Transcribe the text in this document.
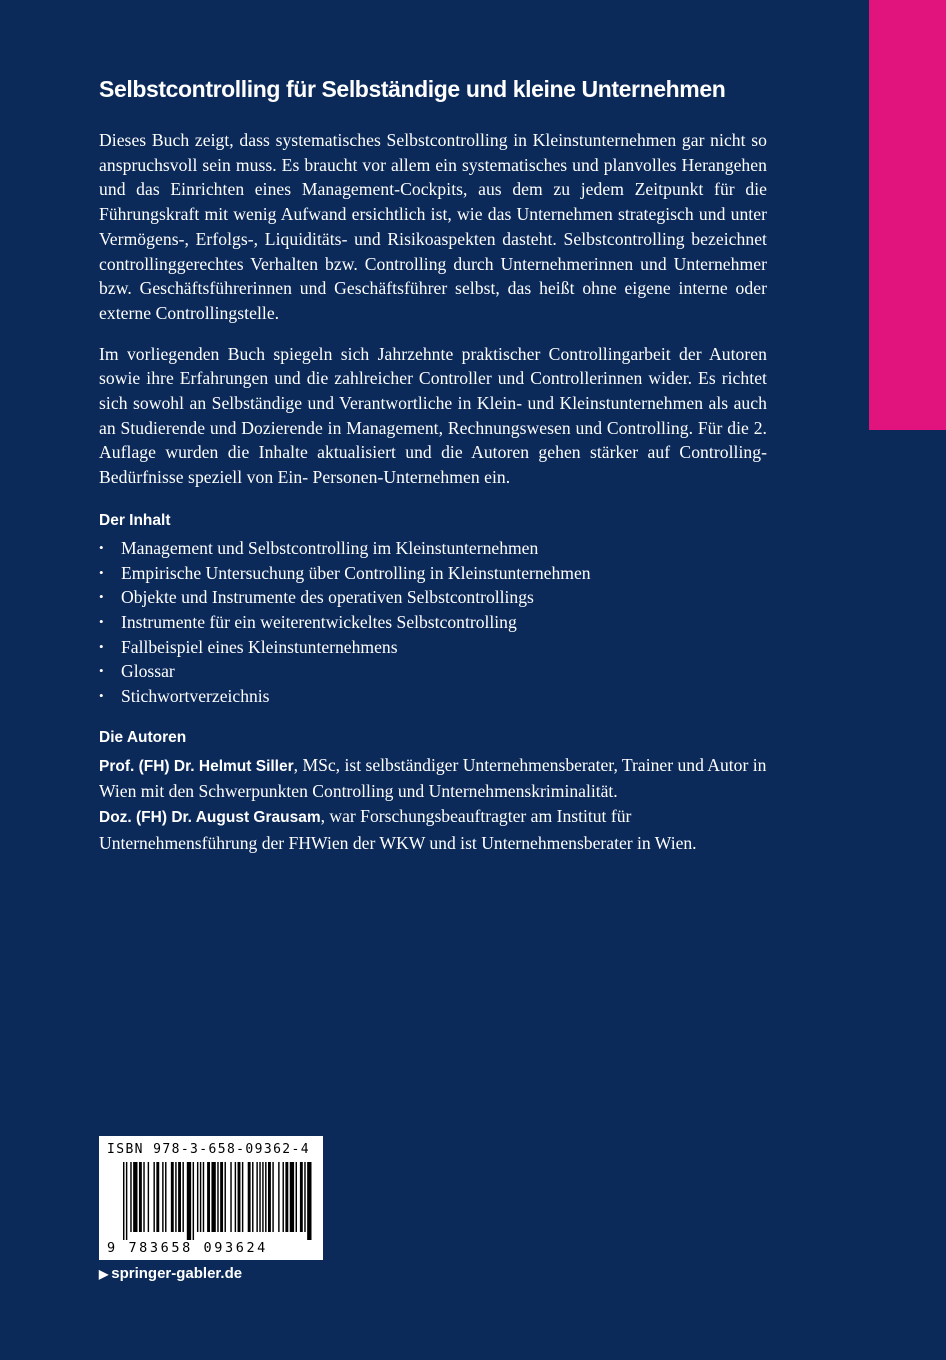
Selbstcontrolling für Selbständige und kleine Unternehmen

Dieses Buch zeigt, dass systematisches Selbstcontrolling in Kleinstunternehmen gar nicht so anspruchsvoll sein muss. Es braucht vor allem ein systematisches und planvolles Herangehen und das Einrichten eines Management-Cockpits, aus dem zu jedem Zeitpunkt für die Führungskraft mit wenig Aufwand ersichtlich ist, wie das Unternehmen strategisch und unter Vermögens-, Erfolgs-, Liquiditäts- und Risikoaspekten dasteht. Selbstcontrolling bezeichnet controllinggerechtes Verhalten bzw. Controlling durch Unternehmerinnen und Unternehmer bzw. Geschäftsführerinnen und Geschäftsführer selbst, das heißt ohne eigene interne oder externe Controllingstelle.

Im vorliegenden Buch spiegeln sich Jahrzehnte praktischer Controllingarbeit der Autoren sowie ihre Erfahrungen und die zahlreicher Controller und Controllerinnen wider. Es richtet sich sowohl an Selbständige und Verantwortliche in Klein- und Kleinstunternehmen als auch an Studierende und Dozierende in Management, Rechnungswesen und Controlling. Für die 2. Auflage wurden die Inhalte aktualisiert und die Autoren gehen stärker auf Controlling-Bedürfnisse speziell von Ein- Personen-Unternehmen ein.

Der Inhalt
• Management und Selbstcontrolling im Kleinstunternehmen
• Empirische Untersuchung über Controlling in Kleinstunternehmen
• Objekte und Instrumente des operativen Selbstcontrollings
• Instrumente für ein weiterentwickeltes Selbstcontrolling
• Fallbeispiel eines Kleinstunternehmens
• Glossar
• Stichwortverzeichnis
Die Autoren

Prof. (FH) Dr. Helmut Siller, MSc, ist selbständiger Unternehmensberater, Trainer und Autor in Wien mit den Schwerpunkten Controlling und Unternehmenskriminalität.

Doz. (FH) Dr. August Grausam, war Forschungsbeauftragter am Institut für Unternehmensführung der FHWien der WKW und ist Unternehmensberater in Wien.

ISBN 978-3-658-09362-4
9 783658 093624
▶ springer-gabler.de
